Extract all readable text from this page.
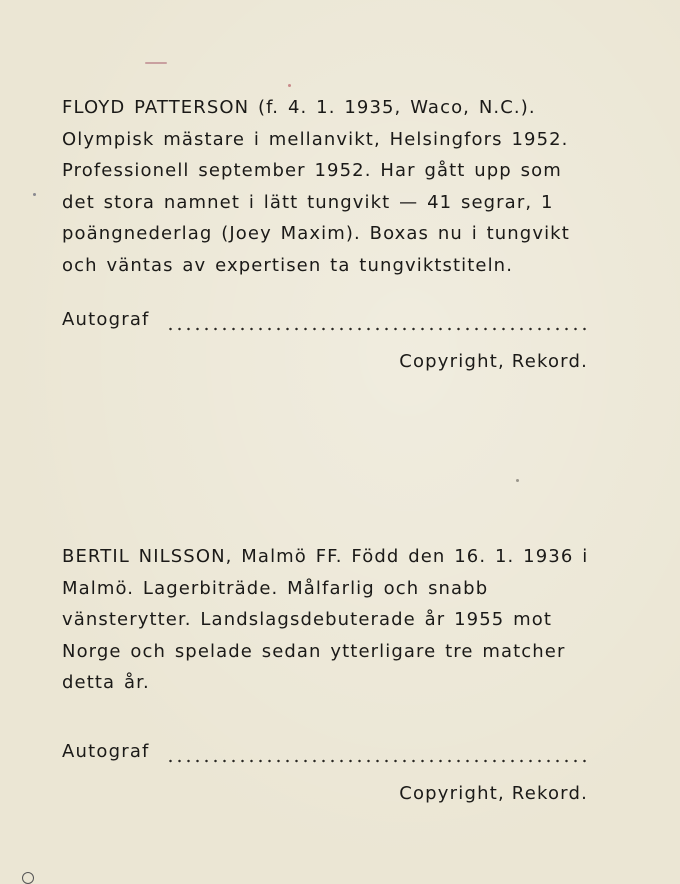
FLOYD PATTERSON (f. 4. 1. 1935, Waco, N.C.). Olympisk mästare i mellanvikt, Helsingfors 1952. Professionell september 1952. Har gått upp som det stora namnet i lätt tungvikt — 41 segrar, 1 poängnederlag (Joey Maxim). Boxas nu i tungvikt och väntas av expertisen ta tungviktstiteln.

Autograf
Copyright, Rekord.

BERTIL NILSSON, Malmö FF. Född den 16. 1. 1936 i Malmö. Lagerbiträde. Målfarlig och snabb vänsterytter. Landslagsdebuterade år 1955 mot Norge och spelade sedan ytterligare tre matcher detta år.

Autograf
Copyright, Rekord.
